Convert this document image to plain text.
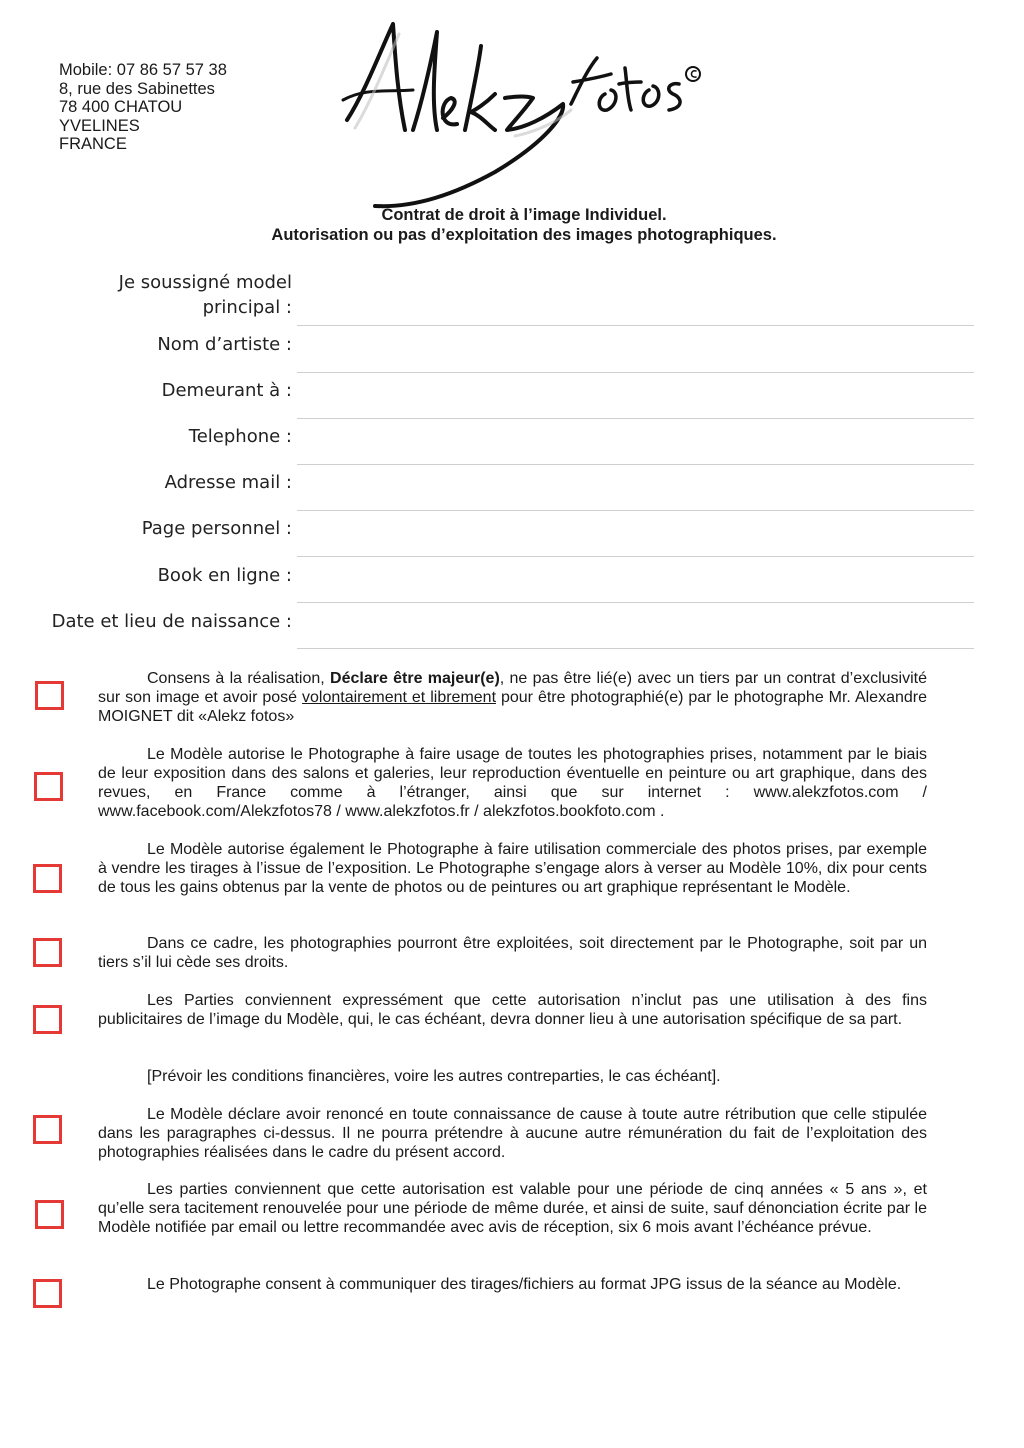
Mobile: 07 86 57 57 38
8, rue des Sabinettes
78 400 CHATOU
YVELINES
FRANCE
Contrat de droit à l’image Individuel.
Autorisation ou pas d’exploitation des images photographiques.
Je soussigné model
principal :
Nom d’artiste :
Demeurant à :
Telephone :
Adresse mail :
Page personnel :
Book en ligne :
Date et lieu de naissance :
Consens à la réalisation, Déclare être majeur(e), ne pas être lié(e) avec un tiers par un contrat d’exclusivité sur son image et avoir posé volontairement et librement pour être photographié(e) par le photographe Mr. Alexandre MOIGNET dit «Alekz fotos»
Le Modèle autorise le Photographe à faire usage de toutes les photographies prises, notamment par le biais de leur exposition dans des salons et galeries, leur reproduction éventuelle en peinture ou art graphique, dans des revues, en France comme à l’étranger, ainsi que sur internet : www.alekzfotos.com / www.facebook.com/Alekzfotos78 / www.alekzfotos.fr / alekzfotos.bookfoto.com .
Le Modèle autorise également le Photographe à faire utilisation commerciale des photos prises, par exemple à vendre les tirages à l’issue de l’exposition. Le Photographe s’engage alors à verser au Modèle 10%, dix pour cents de tous les gains obtenus par la vente de photos ou de peintures ou art graphique représentant le Modèle.
Dans ce cadre, les photographies pourront être exploitées, soit directement par le Photographe, soit par un tiers s’il lui cède ses droits.
Les Parties conviennent expressément que cette autorisation n’inclut pas une utilisation à des fins publicitaires de l’image du Modèle, qui, le cas échéant, devra donner lieu à une autorisation spécifique de sa part.
[Prévoir les conditions financières, voire les autres contreparties, le cas échéant].
Le Modèle déclare avoir renoncé en toute connaissance de cause à toute autre rétribution que celle stipulée dans les paragraphes ci-dessus. Il ne pourra prétendre à aucune autre rémunération du fait de l’exploitation des photographies réalisées dans le cadre du présent accord.
Les parties conviennent que cette autorisation est valable pour une période de cinq années « 5 ans », et qu’elle sera tacitement renouvelée pour une période de même durée, et ainsi de suite, sauf dénonciation écrite par le Modèle notifiée par email ou lettre recommandée avec avis de réception, six 6 mois avant l’échéance prévue.
Le Photographe consent à communiquer des tirages/fichiers au format JPG issus de la séance au Modèle.
